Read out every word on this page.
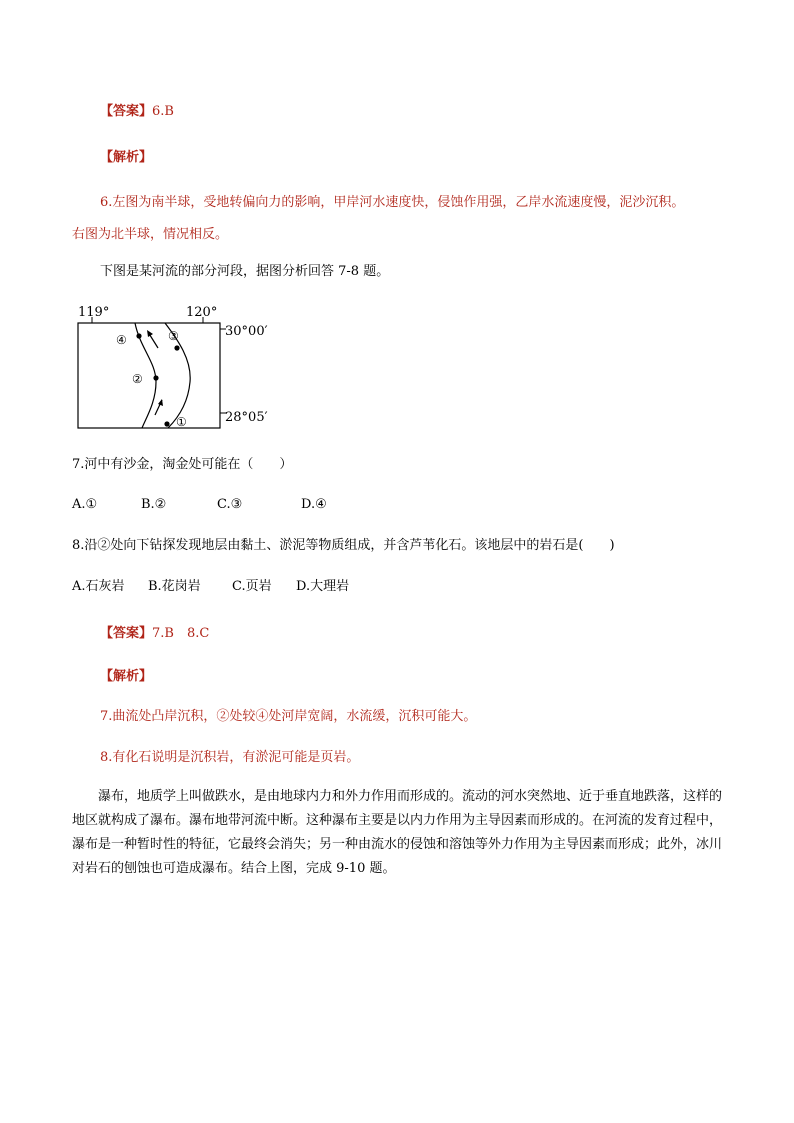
【答案】6.B
【解析】
6.左图为南半球，受地转偏向力的影响，甲岸河水速度快，侵蚀作用强，乙岸水流速度慢，泥沙沉积。
右图为北半球，情况相反。
下图是某河流的部分河段，据图分析回答 7-8 题。
119°	120°
30°00′
28°05′
④
②
③
①
7.河中有沙金，淘金处可能在（　　）
A.①	B.②	C.③	D.④
8.沿②处向下钻探发现地层由黏土、淤泥等物质组成，并含芦苇化石。该地层中的岩石是(　　)
A.石灰岩 B.花岗岩 C.页岩 D.大理岩
【答案】7.B　8.C
【解析】
7.曲流处凸岸沉积，②处较④处河岸宽阔，水流缓，沉积可能大。
8.有化石说明是沉积岩，有淤泥可能是页岩。
瀑布，地质学上叫做跌水，是由地球内力和外力作用而形成的。流动的河水突然地、近于垂直地跌落，这样的地区就构成了瀑布。瀑布地带河流中断。这种瀑布主要是以内力作用为主导因素而形成的。在河流的发育过程中，瀑布是一种暂时性的特征，它最终会消失；另一种由流水的侵蚀和溶蚀等外力作用为主导因素而形成；此外，冰川对岩石的刨蚀也可造成瀑布。结合上图，完成 9-10 题。
